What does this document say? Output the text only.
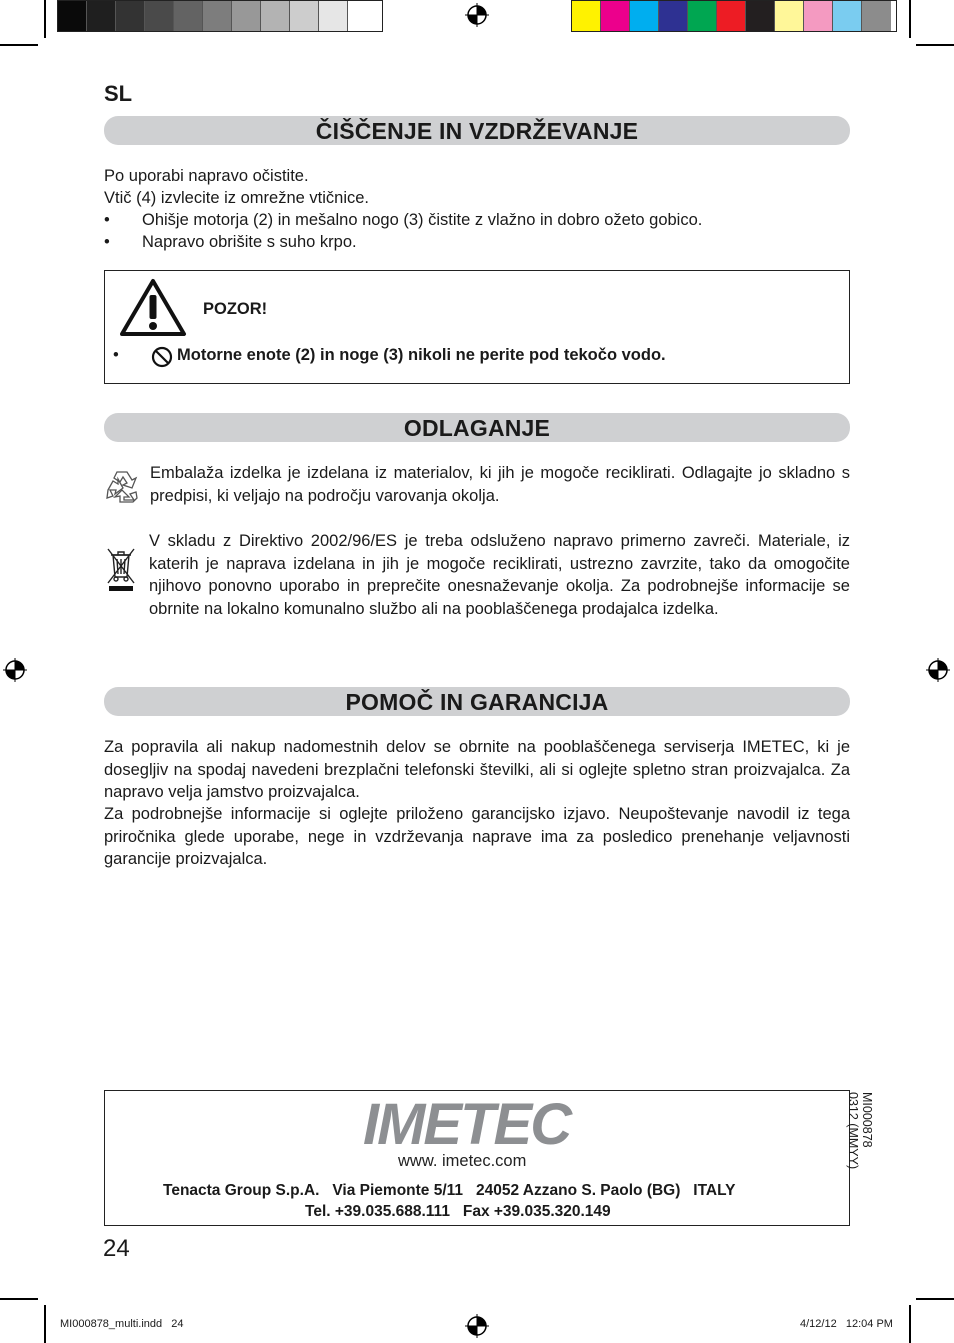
SL
ČIŠČENJE IN VZDRŽEVANJE
Po uporabi napravo očistite.
Vtič (4) izvlecite iz omrežne vtičnice.
• Ohišje motorja (2) in mešalno nogo (3) čistite z vlažno in dobro ožeto gobico.
• Napravo obrišite s suho krpo.
POZOR!
•	Motorne enote (2) in noge (3) nikoli ne perite pod tekočo vodo.
ODLAGANJE
Embalaža izdelka je izdelana iz materialov, ki jih je mogoče reciklirati. Odlagajte jo skladno s predpisi, ki veljajo na področju varovanja okolja.
V skladu z Direktivo 2002/96/ES je treba odsluženo napravo primerno zavreči. Materiale, iz katerih je naprava izdelana in jih je mogoče reciklirati, ustrezno zavrzite, tako da omogočite njihovo ponovno uporabo in preprečite onesnaževanje okolja. Za podrobnejše informacije se obrnite na lokalno komunalno službo ali na pooblaščenega prodajalca izdelka.
POMOČ IN GARANCIJA
Za popravila ali nakup nadomestnih delov se obrnite na pooblaščenega serviserja IMETEC, ki je dosegljiv na spodaj navedeni brezplačni telefonski številki, ali si oglejte spletno stran proizvajalca. Za napravo velja jamstvo proizvajalca.
Za podrobnejše informacije si oglejte priloženo garancijsko izjavo. Neupoštevanje navodil iz tega priročnika glede uporabe, nege in vzdrževanja naprave ima za posledico prenehanje veljavnosti garancije proizvajalca.
IMETEC
www. imetec.com
Tenacta Group S.p.A.   Via Piemonte 5/11   24052 Azzano S. Paolo (BG)   ITALY
Tel. +39.035.688.111   Fax +39.035.320.149
MI000878
0312 (MMYY)
24
MI000878_multi.indd   24	4/12/12   12:04 PM
